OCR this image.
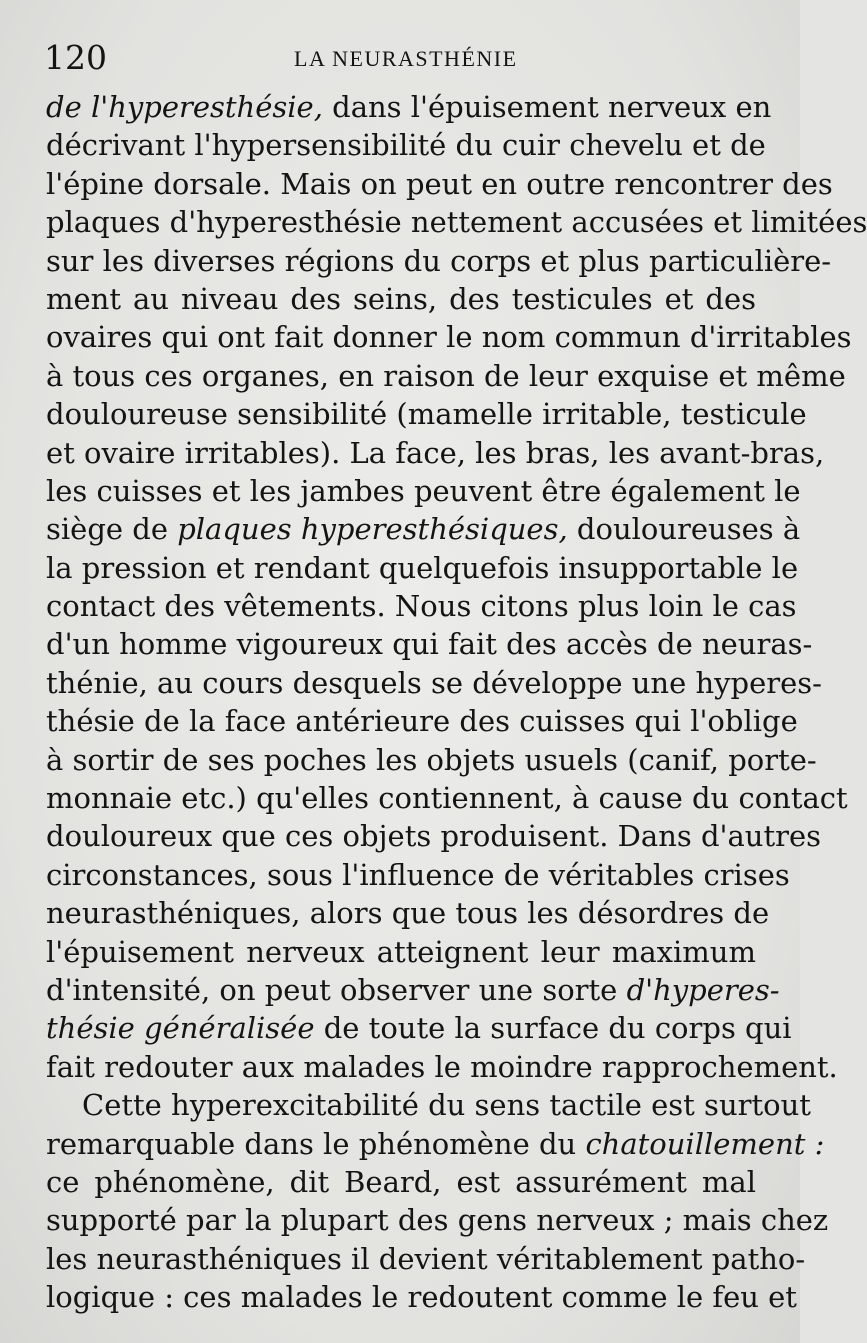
120	LA NEURASTHÉNIE
de l'hyperesthésie, dans l'épuisement nerveux en
décrivant l'hypersensibilité du cuir chevelu et de
l'épine dorsale. Mais on peut en outre rencontrer des
plaques d'hyperesthésie nettement accusées et limitées
sur les diverses régions du corps et plus particulière-
ment au niveau des seins, des testicules et des
ovaires qui ont fait donner le nom commun d'irritables
à tous ces organes, en raison de leur exquise et même
douloureuse sensibilité (mamelle irritable, testicule
et ovaire irritables). La face, les bras, les avant-bras,
les cuisses et les jambes peuvent être également le
siège de plaques hyperesthésiques, douloureuses à
la pression et rendant quelquefois insupportable le
contact des vêtements. Nous citons plus loin le cas
d'un homme vigoureux qui fait des accès de neuras-
thénie, au cours desquels se développe une hyperes-
thésie de la face antérieure des cuisses qui l'oblige
à sortir de ses poches les objets usuels (canif, porte-
monnaie etc.) qu'elles contiennent, à cause du contact
douloureux que ces objets produisent. Dans d'autres
circonstances, sous l'influence de véritables crises
neurasthéniques, alors que tous les désordres de
l'épuisement nerveux atteignent leur maximum
d'intensité, on peut observer une sorte d'hyperes-
thésie généralisée de toute la surface du corps qui
fait redouter aux malades le moindre rapprochement.
Cette hyperexcitabilité du sens tactile est surtout
remarquable dans le phénomène du chatouillement :
ce phénomène, dit Beard, est assurément mal
supporté par la plupart des gens nerveux ; mais chez
les neurasthéniques il devient véritablement patho-
logique : ces malades le redoutent comme le feu et
